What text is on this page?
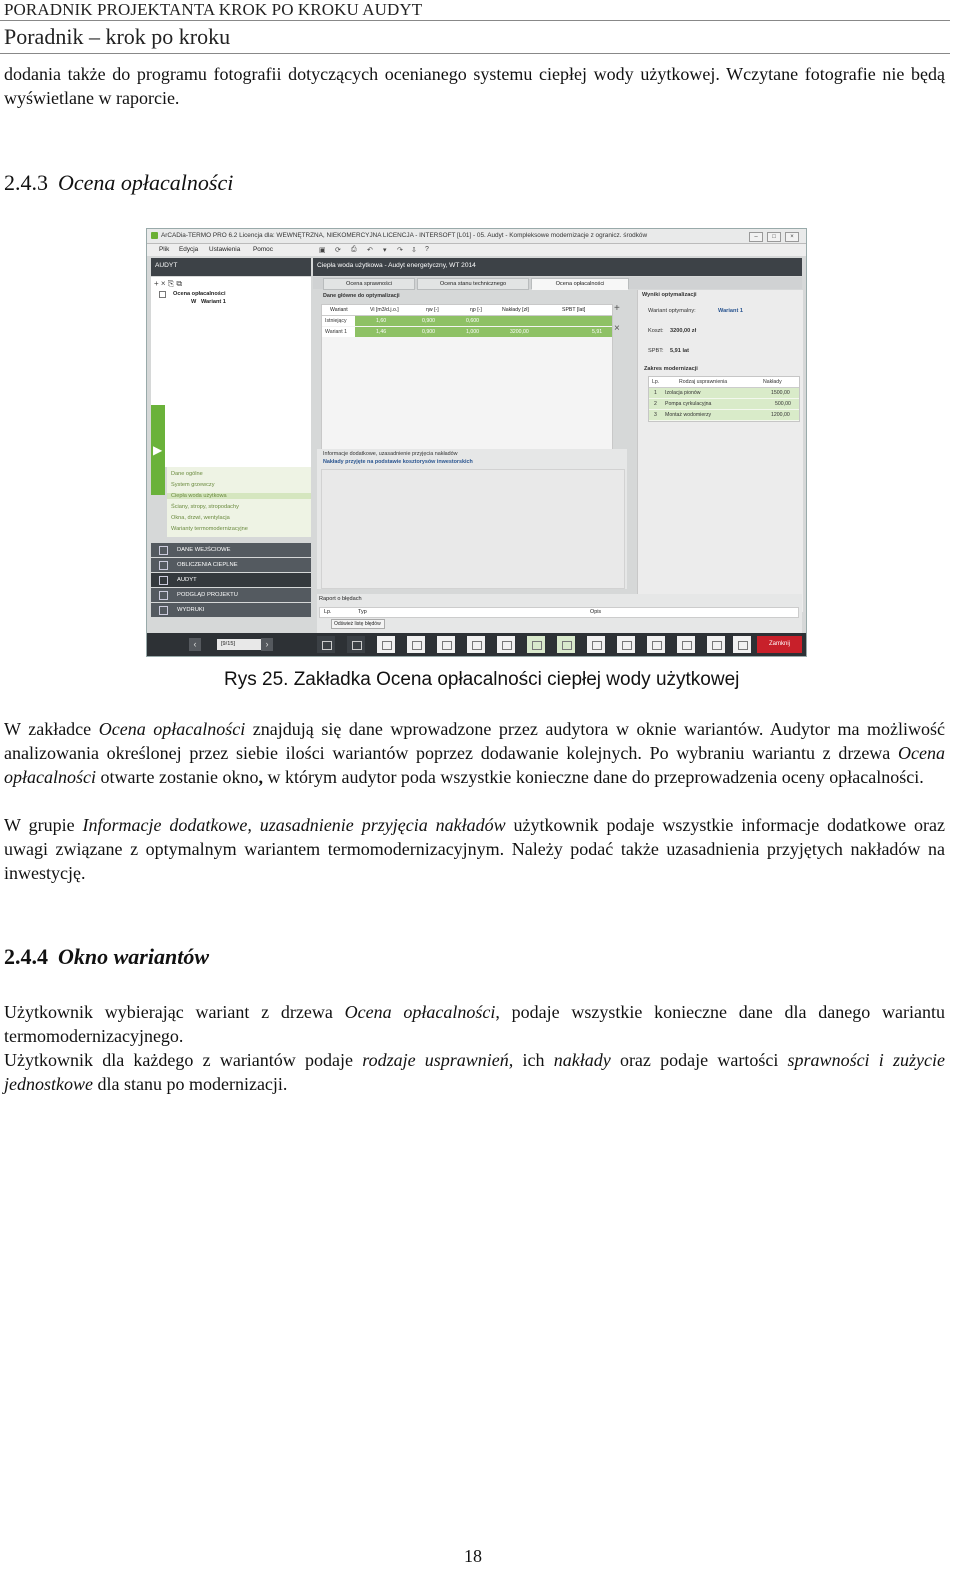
PORADNIK PROJEKTANTA KROK PO KROKU AUDYT
Poradnik – krok po kroku
dodania także do programu fotografii dotyczących ocenianego systemu ciepłej wody użytkowej. Wczytane fotografie nie będą wyświetlane w raporcie.
2.4.3 Ocena opłacalności
ArCADia-TERMO PRO 6.2 Licencja dla: WEWNĘTRZNA, NIEKOMERCYJNA LICENCJA - INTERSOFT [L01] - 05. Audyt - Kompleksowe modernizacje z ogranicz. środków	–	□	×
Plik Edycja Ustawienia Pomoc	▣ ⟳ ⎙ ↶ ▾ ↷ ⇩ ?
AUDYT	Ciepła woda użytkowa - Audyt energetyczny, WT 2014
+ × ⎘ ⧉
Ocena opłacalności
W Wariant 1
▶
Dane ogólne
System grzewczy
Ciepła woda użytkowa
Ściany, stropy, stropodachy
Okna, drzwi, wentylacja
Warianty termomodernizacyjne
DANE WEJŚCIOWE
OBLICZENIA CIEPLNE
AUDYT
PODGLĄD PROJEKTU
WYDRUKI
Ocena sprawności	Ocena stanu technicznego	Ocena opłacalności
Dane główne do optymalizacji
Wariant	Vi [m3/d.j.o.]	ηw [-]	ηp [-]	Nakłady [zł]	SPBT [lat]
Istniejący	1,60	0,900	0,600
Wariant 1	1,46	0,900	1,000	3200,00	5,91
+
×
Informacje dodatkowe, uzasadnienie przyjęcia nakładów
Nakłady przyjęte na podstawie kosztorysów inwestorskich
Wyniki optymalizacji
Wariant optymalny:	Wariant 1
Koszt: 3200,00 zł
SPBT: 5,91 lat
Zakres modernizacji
Lp.	Rodzaj usprawnienia	Nakłady
1 Izolacja pionów	1500,00
2 Pompa cyrkulacyjna	500,00
3 Montaż wodomierzy	1200,00
Raport o błędach
Lp.	Typ	Opis
Odśwież listę błędów
‹	[9/15]	›	Zamknij
Rys 25. Zakładka Ocena opłacalności ciepłej wody użytkowej
W zakładce Ocena opłacalności znajdują się dane wprowadzone przez audytora w oknie wariantów. Audytor ma możliwość analizowania określonej przez siebie ilości wariantów poprzez dodawanie kolejnych. Po wybraniu wariantu z drzewa Ocena opłacalności otwarte zostanie okno, w którym audytor poda wszystkie konieczne dane do przeprowadzenia oceny opłacalności.
W grupie Informacje dodatkowe, uzasadnienie przyjęcia nakładów użytkownik podaje wszystkie informacje dodatkowe oraz uwagi związane z optymalnym wariantem termomodernizacyjnym. Należy podać także uzasadnienia przyjętych nakładów na inwestycję.
2.4.4 Okno wariantów
Użytkownik wybierając wariant z drzewa Ocena opłacalności, podaje wszystkie konieczne dane dla danego wariantu termomodernizacyjnego.
Użytkownik dla każdego z wariantów podaje rodzaje usprawnień, ich nakłady oraz podaje wartości sprawności i zużycie jednostkowe dla stanu po modernizacji.
18
